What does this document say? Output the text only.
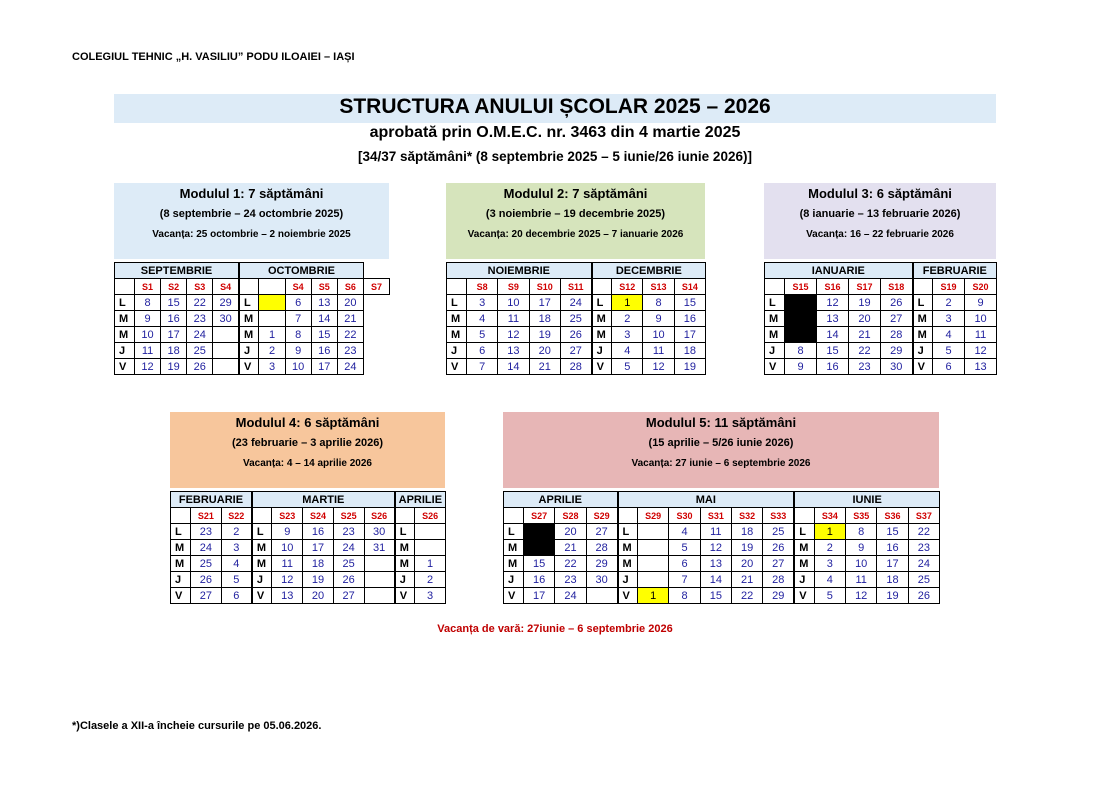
COLEGIUL TEHNIC „H. VASILIU” PODU ILOAIEI – IAȘI
STRUCTURA ANULUI ȘCOLAR 2025 – 2026
aprobată prin O.M.E.C. nr. 3463 din 4 martie 2025
[34/37 săptămâni* (8 septembrie 2025 – 5 iunie/26 iunie 2026)]
Modulul 1: 7 săptămâni
(8 septembrie – 24 octombrie 2025)
Vacanța: 25 octombrie – 2 noiembrie 2025
Modulul 2: 7 săptămâni
(3 noiembrie – 19 decembrie 2025)
Vacanța: 20 decembrie 2025 – 7 ianuarie 2026
Modulul 3: 6 săptămâni
(8 ianuarie – 13 februarie 2026)
Vacanța: 16 – 22 februarie 2026
Modulul 4: 6 săptămâni
(23 februarie – 3 aprilie 2026)
Vacanța: 4 – 14 aprilie 2026
Modulul 5: 11 săptămâni
(15 aprilie – 5/26 iunie 2026)
Vacanța: 27 iunie – 6 septembrie 2026
SEPTEMBRIE					OCTOMBRIE					
	S1	S2	S3	S4			S4	S5	S6	S7
L	8	15	22	29	L		6	13	20	
M	9	16	23	30	M		7	14	21	
M	10	17	24		M	1	8	15	22	
J	11	18	25		J	2	9	16	23	
V	12	19	26		V	3	10	17	24	
NOIEMBRIE					DECEMBRIE			
	S8	S9	S10	S11		S12	S13	S14
L	3	10	17	24	L	1	8	15
M	4	11	18	25	M	2	9	16
M	5	12	19	26	M	3	10	17
J	6	13	20	27	J	4	11	18
V	7	14	21	28	V	5	12	19
IANUARIE					FEBRUARIE		
	S15	S16	S17	S18		S19	S20
L		12	19	26	L	2	9
M		13	20	27	M	3	10
M		14	21	28	M	4	11
J	8	15	22	29	J	5	12
V	9	16	23	30	V	6	13
FEBRUARIE			MARTIE					APRILIE	
	S21	S22		S23	S24	S25	S26		S26
L	23	2	L	9	16	23	30	L	
M	24	3	M	10	17	24	31	M	
M	25	4	M	11	18	25		M	1
J	26	5	J	12	19	26		J	2
V	27	6	V	13	20	27		V	3
APRILIE				MAI						IUNIE				
	S27	S28	S29		S29	S30	S31	S32	S33		S34	S35	S36	S37
L		20	27	L		4	11	18	25	L	1	8	15	22
M		21	28	M		5	12	19	26	M	2	9	16	23
M	15	22	29	M		6	13	20	27	M	3	10	17	24
J	16	23	30	J		7	14	21	28	J	4	11	18	25
V	17	24		V	1	8	15	22	29	V	5	12	19	26
Vacanța de vară: 27iunie – 6 septembrie 2026
*)Clasele a XII-a încheie cursurile pe 05.06.2026.
